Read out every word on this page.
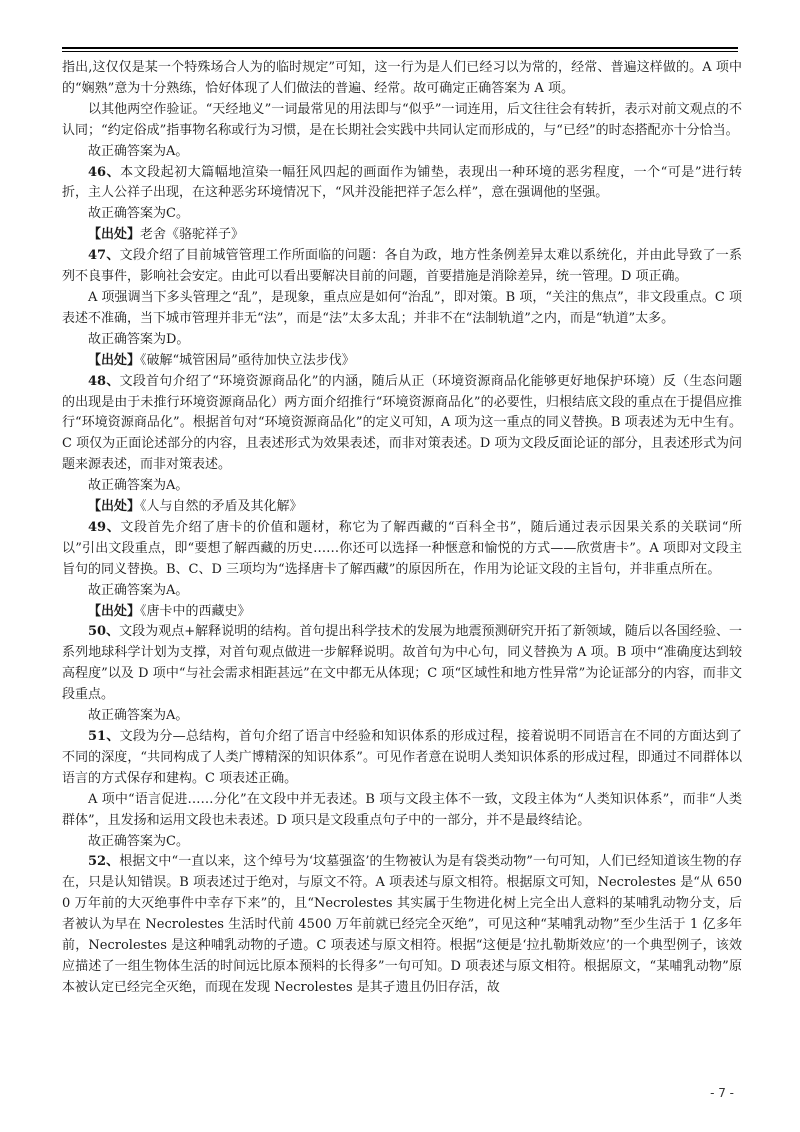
指出,这仅仅是某一个特殊场合人为的临时规定”可知，这一行为是人们已经习以为常的，经常、普遍这样做的。A 项中的“娴熟”意为十分熟练，恰好体现了人们做法的普遍、经常。故可确定正确答案为 A 项。

以其他两空作验证。“天经地义”一词最常见的用法即与“似乎”一词连用，后文往往会有转折，表示对前文观点的不认同；“约定俗成”指事物名称或行为习惯，是在长期社会实践中共同认定而形成的，与“已经”的时态搭配亦十分恰当。

故正确答案为A。

46、本文段起初大篇幅地渲染一幅狂风四起的画面作为铺垫，表现出一种环境的恶劣程度，一个“可是”进行转折，主人公祥子出现，在这种恶劣环境情况下，“风并没能把祥子怎么样”，意在强调他的坚强。

故正确答案为C。

【出处】老舍《骆驼祥子》

47、文段介绍了目前城管管理工作所面临的问题：各自为政，地方性条例差异太难以系统化，并由此导致了一系列不良事件，影响社会安定。由此可以看出要解决目前的问题，首要措施是消除差异，统一管理。D 项正确。

A 项强调当下多头管理之“乱”，是现象，重点应是如何“治乱”，即对策。B 项，“关注的焦点”，非文段重点。C 项表述不准确，当下城市管理并非无“法”，而是“法”太多太乱；并非不在“法制轨道”之内，而是“轨道”太多。

故正确答案为D。

【出处】《破解“城管困局”亟待加快立法步伐》

48、文段首句介绍了“环境资源商品化”的内涵，随后从正（环境资源商品化能够更好地保护环境）反（生态问题的出现是由于未推行环境资源商品化）两方面介绍推行“环境资源商品化”的必要性，归根结底文段的重点在于提倡应推行“环境资源商品化”。根据首句对“环境资源商品化”的定义可知，A 项为这一重点的同义替换。B 项表述为无中生有。C 项仅为正面论述部分的内容，且表述形式为效果表述，而非对策表述。D 项为文段反面论证的部分，且表述形式为问题来源表述，而非对策表述。

故正确答案为A。

【出处】《人与自然的矛盾及其化解》

49、文段首先介绍了唐卡的价值和题材，称它为了解西藏的“百科全书”，随后通过表示因果关系的关联词“所以”引出文段重点，即“要想了解西藏的历史……你还可以选择一种惬意和愉悦的方式——欣赏唐卡”。A 项即对文段主旨句的同义替换。B、C、D 三项均为“选择唐卡了解西藏”的原因所在，作用为论证文段的主旨句，并非重点所在。

故正确答案为A。

【出处】《唐卡中的西藏史》

50、文段为观点+解释说明的结构。首句提出科学技术的发展为地震预测研究开拓了新领域，随后以各国经验、一系列地球科学计划为支撑，对首句观点做进一步解释说明。故首句为中心句，同义替换为 A 项。B 项中“准确度达到较高程度”以及 D 项中“与社会需求相距甚远”在文中都无从体现；C 项“区域性和地方性异常”为论证部分的内容，而非文段重点。

故正确答案为A。

51、文段为分—总结构，首句介绍了语言中经验和知识体系的形成过程，接着说明不同语言在不同的方面达到了不同的深度，“共同构成了人类广博精深的知识体系”。可见作者意在说明人类知识体系的形成过程，即通过不同群体以语言的方式保存和建构。C 项表述正确。

A 项中“语言促进……分化”在文段中并无表述。B 项与文段主体不一致，文段主体为“人类知识体系”，而非“人类群体”，且发扬和运用文段也未表述。D 项只是文段重点句子中的一部分，并不是最终结论。

故正确答案为C。

52、根据文中“一直以来，这个绰号为‘坟墓强盗’的生物被认为是有袋类动物”一句可知，人们已经知道该生物的存在，只是认知错误。B 项表述过于绝对，与原文不符。A 项表述与原文相符。根据原文可知，Necrolestes 是“从 6500 万年前的大灭绝事件中幸存下来”的，且“Necrolestes 其实属于生物进化树上完全出人意料的某哺乳动物分支，后者被认为早在 Necrolestes 生活时代前 4500 万年前就已经完全灭绝”，可见这种“某哺乳动物”至少生活于 1 亿多年前，Necrolestes 是这种哺乳动物的孑遗。C 项表述与原文相符。根据“这便是‘拉扎勒斯效应’的一个典型例子，该效应描述了一组生物体生活的时间远比原本预料的长得多”一句可知。D 项表述与原文相符。根据原文，“某哺乳动物”原本被认定已经完全灭绝，而现在发现 Necrolestes 是其孑遗且仍旧存活，故

- 7 -
